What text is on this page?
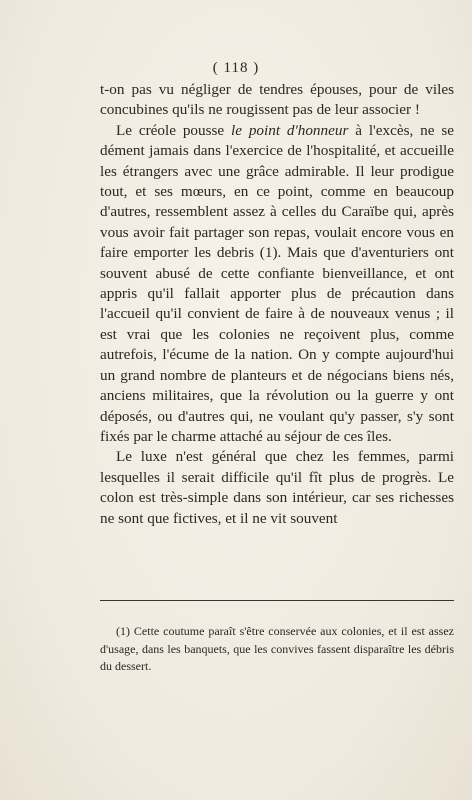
( 118 )

t-on pas vu négliger de tendres épouses, pour de viles concubines qu'ils ne rougissent pas de leur associer !

Le créole pousse le point d'honneur à l'excès, ne se dément jamais dans l'exercice de l'hospitalité, et accueille les étrangers avec une grâce admirable. Il leur prodigue tout, et ses mœurs, en ce point, comme en beaucoup d'autres, ressemblent assez à celles du Caraïbe qui, après vous avoir fait partager son repas, voulait encore vous en faire emporter les debris (1). Mais que d'aventuriers ont souvent abusé de cette confiante bienveillance, et ont appris qu'il fallait apporter plus de précaution dans l'accueil qu'il convient de faire à de nouveaux venus ; il est vrai que les colonies ne reçoivent plus, comme autrefois, l'écume de la nation. On y compte aujourd'hui un grand nombre de planteurs et de négocians biens nés, anciens militaires, que la révolution ou la guerre y ont déposés, ou d'autres qui, ne voulant qu'y passer, s'y sont fixés par le charme attaché au séjour de ces îles.

Le luxe n'est général que chez les femmes, parmi lesquelles il serait difficile qu'il fît plus de progrès. Le colon est très-simple dans son intérieur, car ses richesses ne sont que fictives, et il ne vit souvent

(1) Cette coutume paraît s'être conservée aux colonies, et il est assez d'usage, dans les banquets, que les convives fassent disparaître les débris du dessert.
